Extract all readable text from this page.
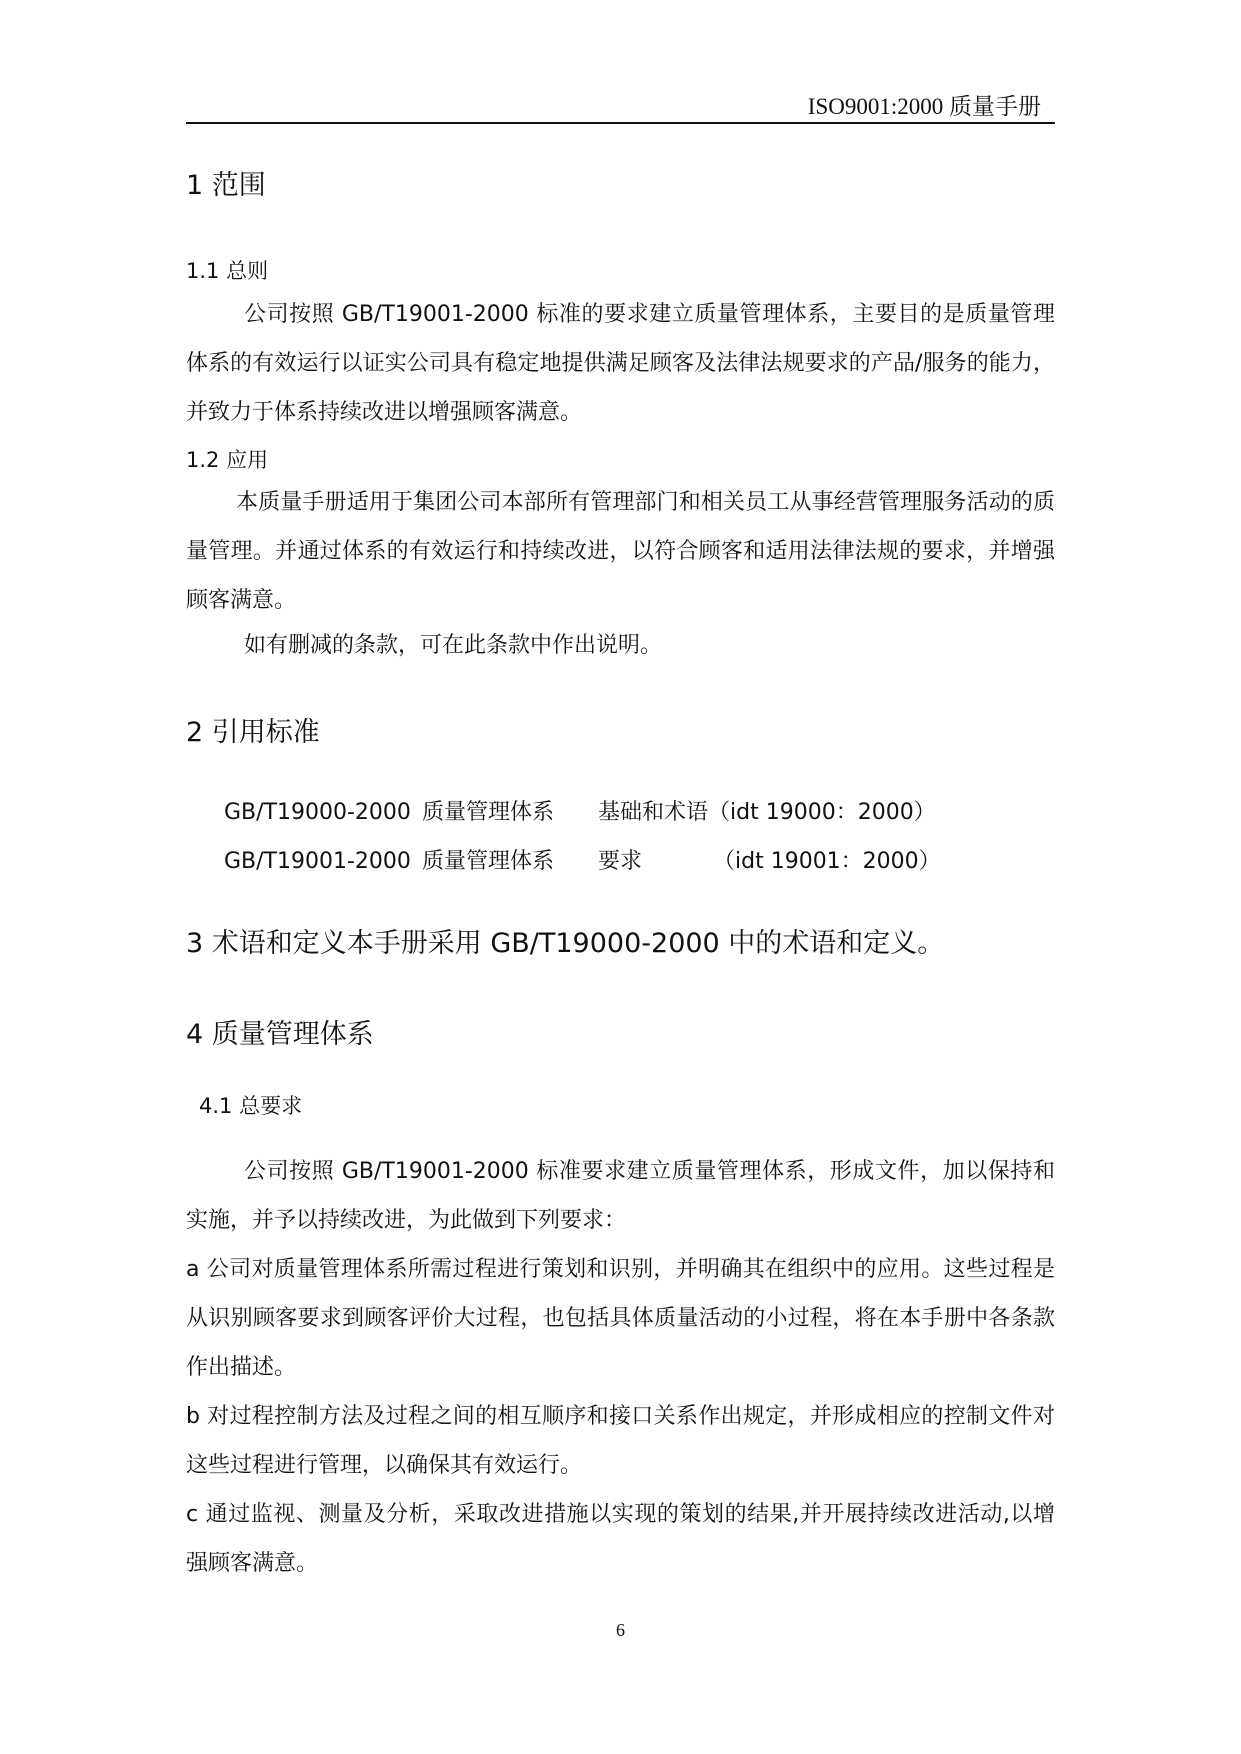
ISO9001:2000 质量手册
1 范围
1.1 总则

公司按照 GB/T19001-2000 标准的要求建立质量管理体系，主要目的是质量管理体系的有效运行以证实公司具有稳定地提供满足顾客及法律法规要求的产品/服务的能力，并致力于体系持续改进以增强顾客满意。

1.2 应用

本质量手册适用于集团公司本部所有管理部门和相关员工从事经营管理服务活动的质量管理。并通过体系的有效运行和持续改进，以符合顾客和适用法律法规的要求，并增强顾客满意。

如有删减的条款，可在此条款中作出说明。

2 引用标准
GB/T19000-2000 质量管理体系 基础和术语（idt 19000：2000）
GB/T19001-2000 质量管理体系 要求	（idt 19001：2000）
3 术语和定义本手册采用 GB/T19000-2000 中的术语和定义。
4 质量管理体系
4.1 总要求

公司按照 GB/T19001-2000 标准要求建立质量管理体系，形成文件，加以保持和实施，并予以持续改进，为此做到下列要求：

a 公司对质量管理体系所需过程进行策划和识别，并明确其在组织中的应用。这些过程是从识别顾客要求到顾客评价大过程，也包括具体质量活动的小过程，将在本手册中各条款作出描述。

b 对过程控制方法及过程之间的相互顺序和接口关系作出规定，并形成相应的控制文件对这些过程进行管理，以确保其有效运行。

c 通过监视、测量及分析，采取改进措施以实现的策划的结果,并开展持续改进活动,以增强顾客满意。

6
